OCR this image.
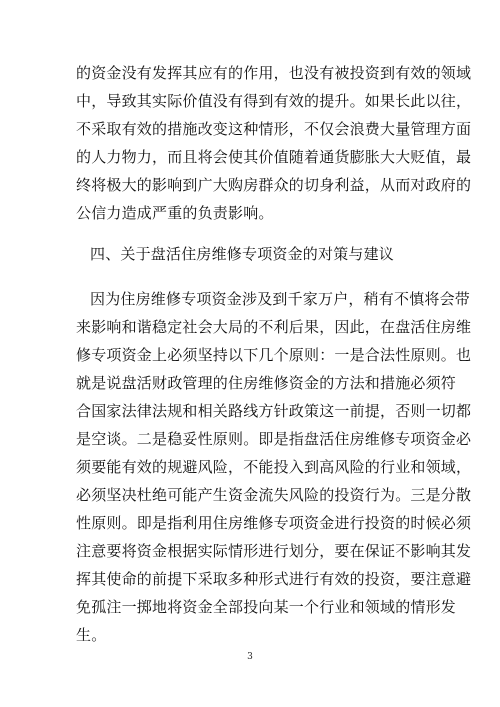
的资金没有发挥其应有的作用，也没有被投资到有效的领域
中，导致其实际价值没有得到有效的提升。如果长此以往，
不采取有效的措施改变这种情形，不仅会浪费大量管理方面
的人力物力，而且将会使其价值随着通货膨胀大大贬值，最
终将极大的影响到广大购房群众的切身利益，从而对政府的
公信力造成严重的负责影响。
四、关于盘活住房维修专项资金的对策与建议
因为住房维修专项资金涉及到千家万户，稍有不慎将会带
来影响和谐稳定社会大局的不利后果，因此，在盘活住房维
修专项资金上必须坚持以下几个原则：一是合法性原则。也
就是说盘活财政管理的住房维修资金的方法和措施必须符
合国家法律法规和相关路线方针政策这一前提，否则一切都
是空谈。二是稳妥性原则。即是指盘活住房维修专项资金必
须要能有效的规避风险，不能投入到高风险的行业和领域，
必须坚决杜绝可能产生资金流失风险的投资行为。三是分散
性原则。即是指利用住房维修专项资金进行投资的时候必须
注意要将资金根据实际情形进行划分，要在保证不影响其发
挥其使命的前提下采取多种形式进行有效的投资，要注意避
免孤注一掷地将资金全部投向某一个行业和领域的情形发
生。
3
